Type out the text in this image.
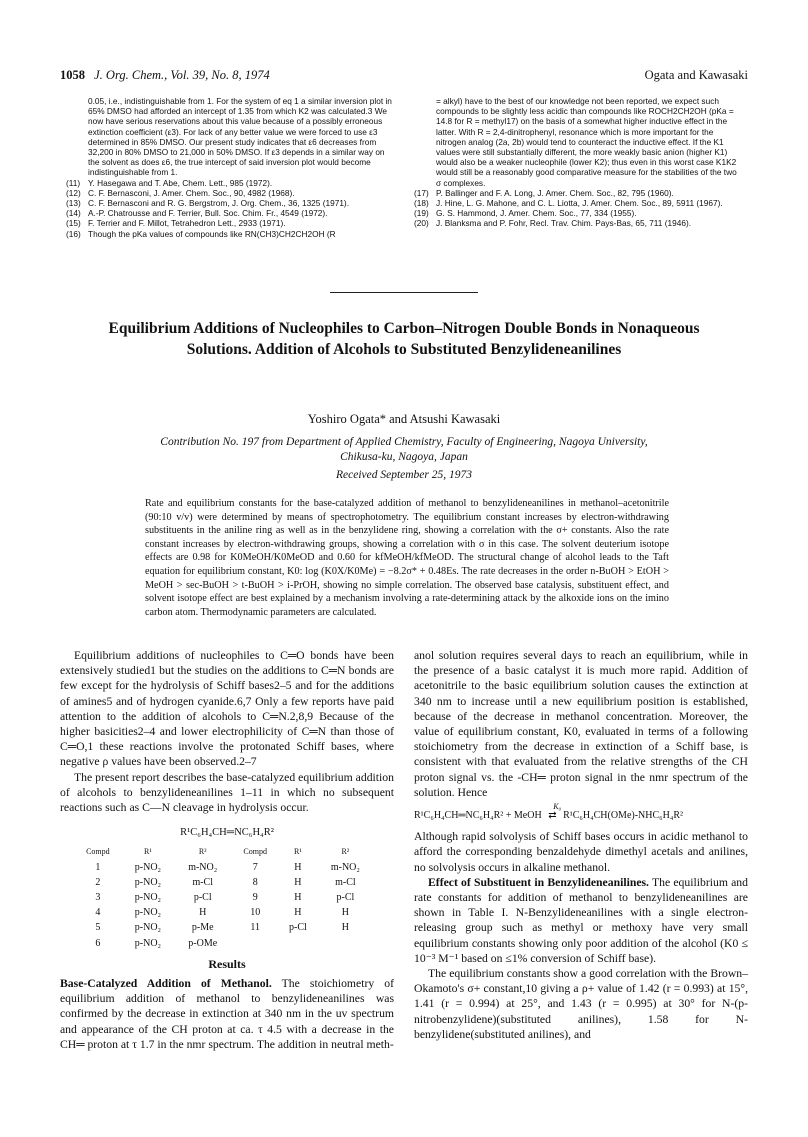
1058 J. Org. Chem., Vol. 39, No. 8, 1974	Ogata and Kawasaki
0.05, i.e., indistinguishable from 1. For the system of eq 1 a similar inversion plot in 65% DMSO had afforded an intercept of 1.35 from which K2 was calculated.3 We now have serious reservations about this value because of a possibly erroneous extinction coefficient (ε3). For lack of any better value we were forced to use ε3 determined in 85% DMSO. Our present study indicates that ε6 decreases from 32,200 in 80% DMSO to 21,000 in 50% DMSO. If ε3 depends in a similar way on the solvent as does ε6, the true intercept of said inversion plot would become indistinguishable from 1.
(11) Y. Hasegawa and T. Abe, Chem. Lett., 985 (1972).
(12) C. F. Bernasconi, J. Amer. Chem. Soc., 90, 4982 (1968).
(13) C. F. Bernasconi and R. G. Bergstrom, J. Org. Chem., 36, 1325 (1971).
(14) A.-P. Chatrousse and F. Terrier, Bull. Soc. Chim. Fr., 4549 (1972).
(15) F. Terrier and F. Millot, Tetrahedron Lett., 2933 (1971).
(16) Though the pKa values of compounds like RN(CH3)CH2CH2OH (R
= alkyl) have to the best of our knowledge not been reported, we expect such compounds to be slightly less acidic than compounds like ROCH2CH2OH (pKa = 14.8 for R = methyl17) on the basis of a somewhat higher inductive effect in the latter. With R = 2,4-dinitrophenyl, resonance which is more important for the nitrogen analog (2a, 2b) would tend to counteract the inductive effect. If the K1 values were still substantially different, the more weakly basic anion (higher K1) would also be a weaker nucleophile (lower K2); thus even in this worst case K1K2 would still be a reasonably good comparative measure for the stabilities of the two σ complexes.
(17) P. Ballinger and F. A. Long, J. Amer. Chem. Soc., 82, 795 (1960).
(18) J. Hine, L. G. Mahone, and C. L. Liotta, J. Amer. Chem. Soc., 89, 5911 (1967).
(19) G. S. Hammond, J. Amer. Chem. Soc., 77, 334 (1955).
(20) J. Blanksma and P. Fohr, Recl. Trav. Chim. Pays-Bas, 65, 711 (1946).
Equilibrium Additions of Nucleophiles to Carbon–Nitrogen Double Bonds in Nonaqueous Solutions. Addition of Alcohols to Substituted Benzylideneanilines
Yoshiro Ogata* and Atsushi Kawasaki
Contribution No. 197 from Department of Applied Chemistry, Faculty of Engineering, Nagoya University, Chikusa-ku, Nagoya, Japan
Received September 25, 1973
Rate and equilibrium constants for the base-catalyzed addition of methanol to benzylideneanilines in methanol–acetonitrile (90:10 v/v) were determined by means of spectrophotometry. The equilibrium constant increases by electron-withdrawing substituents in the aniline ring as well as in the benzylidene ring, showing a correlation with the σ+ constants. Also the rate constant increases by electron-withdrawing groups, showing a correlation with σ in this case. The solvent deuterium isotope effects are 0.98 for K0MeOH/K0MeOD and 0.60 for kfMeOH/kfMeOD. The structural change of alcohol leads to the Taft equation for equilibrium constant, K0: log (K0X/K0Me) = −8.2σ* + 0.48Es. The rate decreases in the order n-BuOH > EtOH > MeOH > sec-BuOH > t-BuOH > i-PrOH, showing no simple correlation. The observed base catalysis, substituent effect, and solvent isotope effect are best explained by a mechanism involving a rate-determining attack by the alkoxide ions on the imino carbon atom. Thermodynamic parameters are calculated.

Equilibrium additions of nucleophiles to C═O bonds have been extensively studied1 but the studies on the additions to C═N bonds are few except for the hydrolysis of Schiff bases2–5 and for the additions of amines5 and of hydrogen cyanide.6,7 Only a few reports have paid attention to the addition of alcohols to C═N.2,8,9 Because of the higher basicities2–4 and lower electrophilicity of C═N than those of C═O,1 these reactions involve the protonated Schiff bases, where negative ρ values have been observed.2–7

The present report describes the base-catalyzed equilibrium addition of alcohols to benzylideneanilines 1–11 in which no subsequent reactions such as C—N cleavage in hydrolysis occur.

R¹C₆H₄CH═NC₆H₄R²
Compd	R¹	R²	Compd	R¹	R²
1	p-NO₂	m-NO₂	7	H	m-NO₂
2	p-NO₂	m-Cl	8	H	m-Cl
3	p-NO₂	p-Cl	9	H	p-Cl
4	p-NO₂	H	10	H	H
5	p-NO₂	p-Me	11	p-Cl	H
6	p-NO₂	p-OMe			
Results

Base-Catalyzed Addition of Methanol. The stoichiometry of equilibrium addition of methanol to benzylideneanilines was confirmed by the decrease in extinction at 340 nm in the uv spectrum and appearance of the CH proton at ca. τ 4.5 with a decrease in the CH═ proton at τ 1.7 in the nmr spectrum. The addition in neutral meth-

anol solution requires several days to reach an equilibrium, while in the presence of a basic catalyst it is much more rapid. Addition of acetonitrile to the basic equilibrium solution causes the extinction at 340 nm to increase until a new equilibrium position is established, because of the decrease in methanol concentration. Moreover, the value of equilibrium constant, K0, evaluated in terms of a following stoichiometry from the decrease in extinction of a Schiff base, is consistent with that evaluated from the relative strengths of the CH proton signal vs. the -CH═ proton signal in the nmr spectrum of the solution. Hence

R¹C₆H₄CH═NC₆H₄R² + MeOH
K₀
⇄ R¹C₆H₄CH(OMe)-NHC₆H₄R²

Although rapid solvolysis of Schiff bases occurs in acidic methanol to afford the corresponding benzaldehyde dimethyl acetals and anilines, no solvolysis occurs in alkaline methanol.

Effect of Substituent in Benzylideneanilines. The equilibrium and rate constants for addition of methanol to benzylideneanilines are shown in Table I. N-Benzylideneanilines with a single electron-releasing group such as methyl or methoxy have very small equilibrium constants showing only poor addition of the alcohol (K0 ≤ 10⁻³ M⁻¹ based on ≤1% conversion of Schiff base).

The equilibrium constants show a good correlation with the Brown–Okamoto's σ+ constant,10 giving a ρ+ value of 1.42 (r = 0.993) at 15°, 1.41 (r = 0.994) at 25°, and 1.43 (r = 0.995) at 30° for N-(p-nitrobenzylidene)(substituted anilines), 1.58 for N-benzylidene(substituted anilines), and
